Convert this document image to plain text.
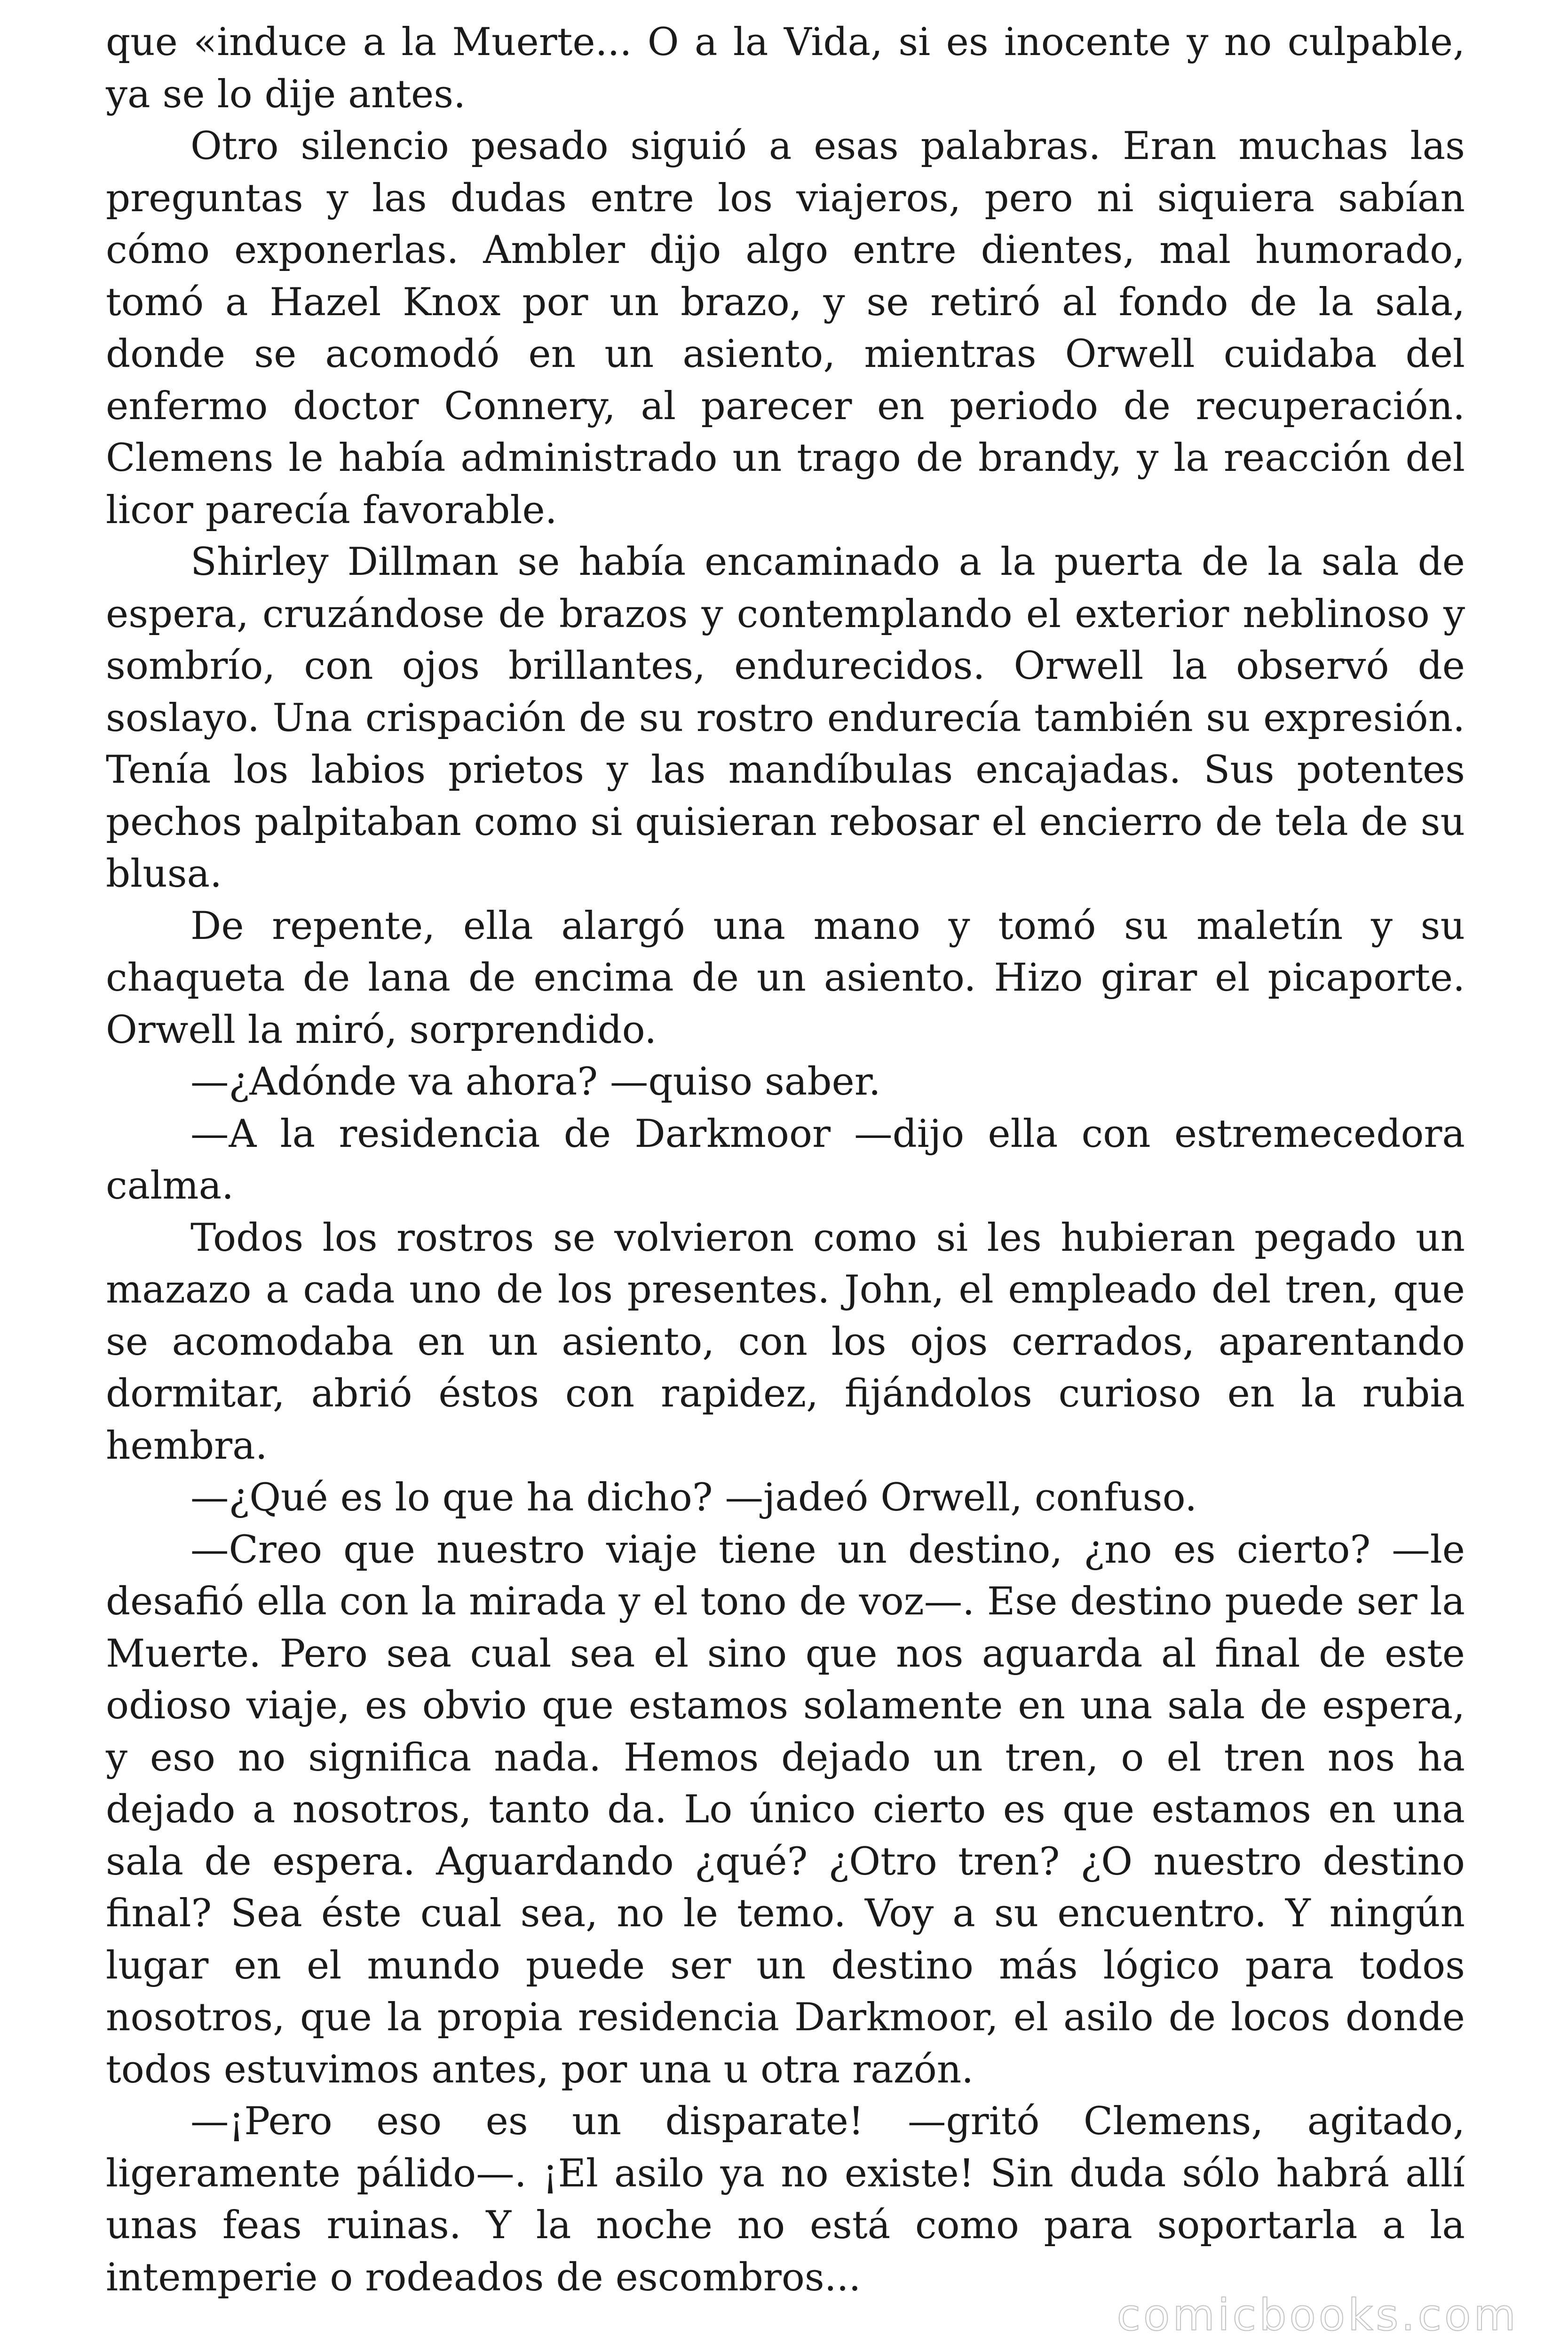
que «induce a la Muerte... O a la Vida, si es inocente y no culpable, ya se lo dije antes.

Otro silencio pesado siguió a esas palabras. Eran muchas las preguntas y las dudas entre los viajeros, pero ni siquiera sabían cómo exponerlas. Ambler dijo algo entre dientes, mal humorado, tomó a Hazel Knox por un brazo, y se retiró al fondo de la sala, donde se acomodó en un asiento, mientras Orwell cuidaba del enfermo doctor Connery, al parecer en periodo de recuperación. Clemens le había administrado un trago de brandy, y la reacción del licor parecía favorable.

Shirley Dillman se había encaminado a la puerta de la sala de espera, cruzándose de brazos y contemplando el exterior neblinoso y sombrío, con ojos brillantes, endurecidos. Orwell la observó de soslayo. Una crispación de su rostro endurecía también su expresión. Tenía los labios prietos y las mandíbulas encajadas. Sus potentes pechos palpitaban como si quisieran rebosar el encierro de tela de su blusa.

De repente, ella alargó una mano y tomó su maletín y su chaqueta de lana de encima de un asiento. Hizo girar el picaporte. Orwell la miró, sorprendido.

—¿Adónde va ahora? —quiso saber.

—A la residencia de Darkmoor —dijo ella con estremecedora calma.

Todos los rostros se volvieron como si les hubieran pegado un mazazo a cada uno de los presentes. John, el empleado del tren, que se acomodaba en un asiento, con los ojos cerrados, aparentando dormitar, abrió éstos con rapidez, fijándolos curioso en la rubia hembra.

—¿Qué es lo que ha dicho? —jadeó Orwell, confuso.

—Creo que nuestro viaje tiene un destino, ¿no es cierto? —le desafió ella con la mirada y el tono de voz—. Ese destino puede ser la Muerte. Pero sea cual sea el sino que nos aguarda al final de este odioso viaje, es obvio que estamos solamente en una sala de espera, y eso no significa nada. Hemos dejado un tren, o el tren nos ha dejado a nosotros, tanto da. Lo único cierto es que estamos en una sala de espera. Aguardando ¿qué? ¿Otro tren? ¿O nuestro destino final? Sea éste cual sea, no le temo. Voy a su encuentro. Y ningún lugar en el mundo puede ser un destino más lógico para todos nosotros, que la propia residencia Darkmoor, el asilo de locos donde todos estuvimos antes, por una u otra razón.

—¡Pero eso es un disparate! —gritó Clemens, agitado, ligeramente pálido—. ¡El asilo ya no existe! Sin duda sólo habrá allí unas feas ruinas. Y la noche no está como para soportarla a la intemperie o rodeados de escombros...

comicbooks.com
